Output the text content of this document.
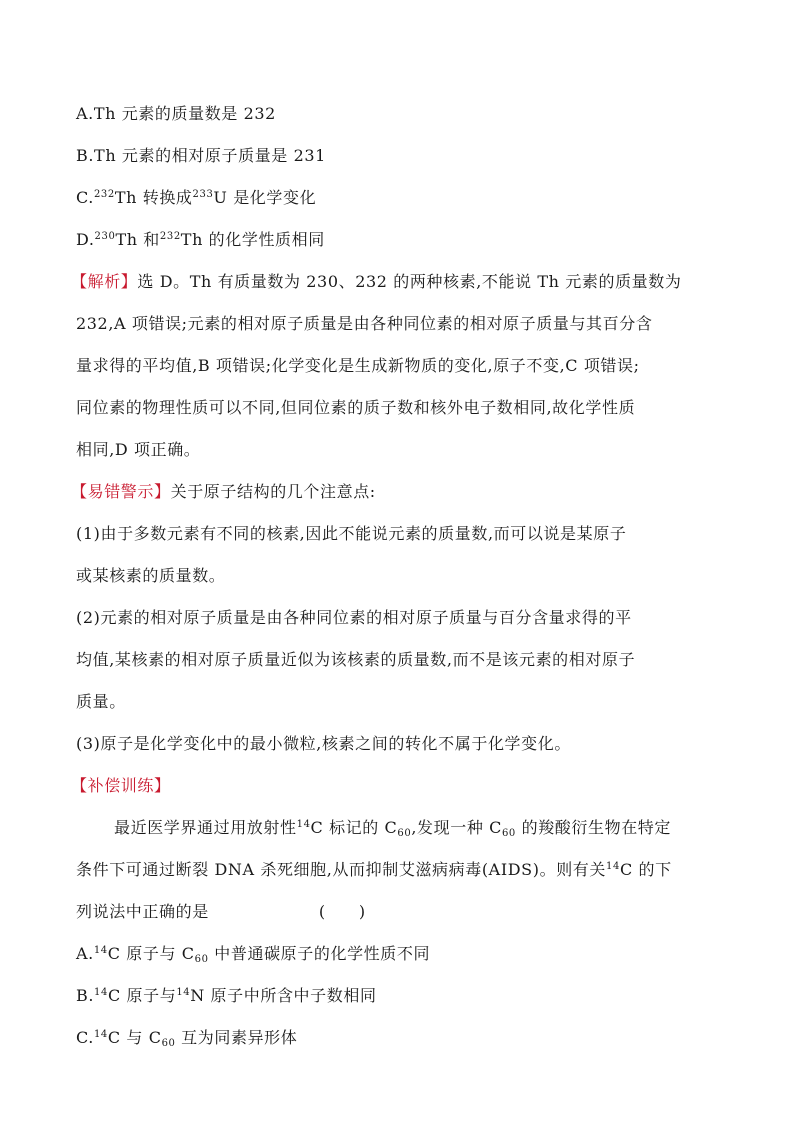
A.Th 元素的质量数是 232
B.Th 元素的相对原子质量是 231
C.$^{232}$Th 转换成$^{233}$U 是化学变化
D.$^{230}$Th 和$^{232}$Th 的化学性质相同
【解析】选 D。Th 有质量数为 230、232 的两种核素,不能说 Th 元素的质量数为
232,A 项错误;元素的相对原子质量是由各种同位素的相对原子质量与其百分含
量求得的平均值,B 项错误;化学变化是生成新物质的变化,原子不变,C 项错误;
同位素的物理性质可以不同,但同位素的质子数和核外电子数相同,故化学性质
相同,D 项正确。
【易错警示】关于原子结构的几个注意点:
(1)由于多数元素有不同的核素,因此不能说元素的质量数,而可以说是某原子
或某核素的质量数。
(2)元素的相对原子质量是由各种同位素的相对原子质量与百分含量求得的平
均值,某核素的相对原子质量近似为该核素的质量数,而不是该元素的相对原子
质量。
(3)原子是化学变化中的最小微粒,核素之间的转化不属于化学变化。
【补偿训练】
最近医学界通过用放射性$^{14}$C 标记的 $C_{60}$,发现一种 $C_{60}$ 的羧酸衍生物在特定
条件下可通过断裂 DNA 杀死细胞,从而抑制艾滋病病毒(AIDS)。则有关$^{14}$C 的下
列说法中正确的是	(　　)
A.$^{14}$C 原子与 $C_{60}$ 中普通碳原子的化学性质不同
B.$^{14}$C 原子与$^{14}$N 原子中所含中子数相同
C.$^{14}$C 与 $C_{60}$ 互为同素异形体
